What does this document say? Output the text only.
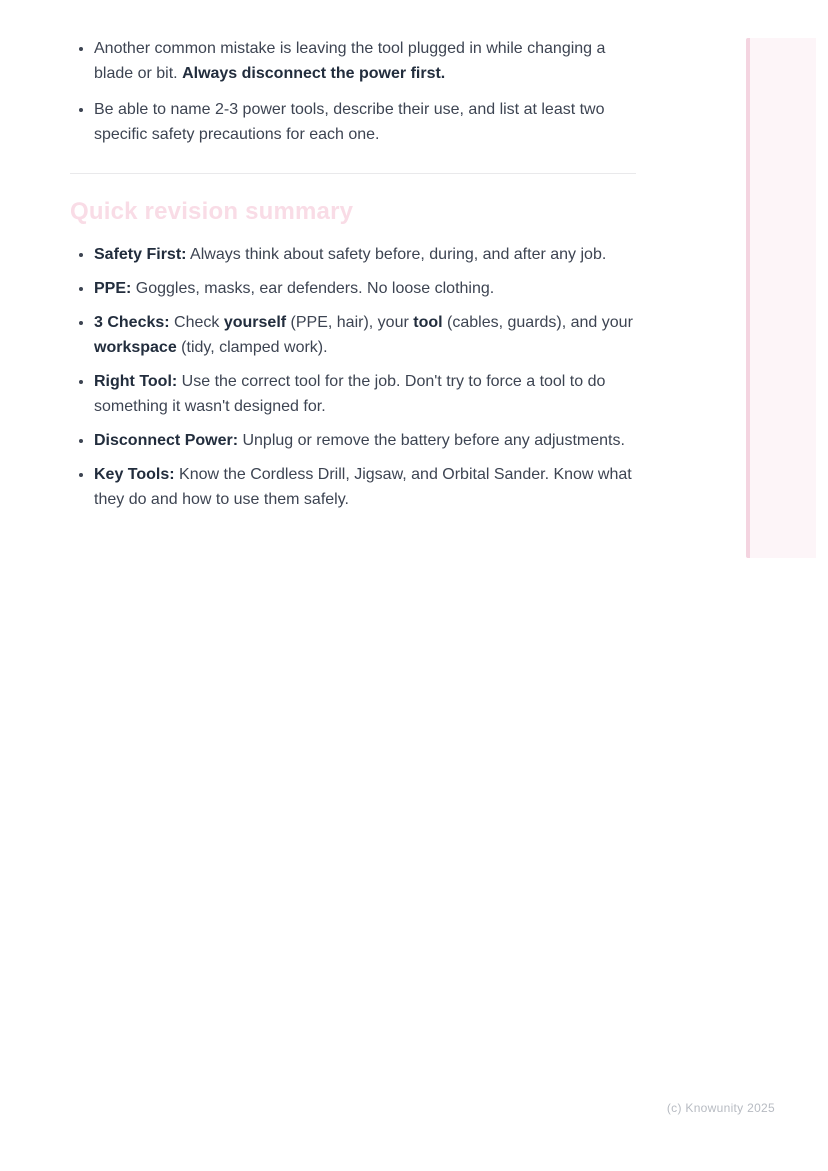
• Another common mistake is leaving the tool plugged in while changing a blade or bit. Always disconnect the power first.
• Be able to name 2-3 power tools, describe their use, and list at least two specific safety precautions for each one.
Quick revision summary
• Safety First: Always think about safety before, during, and after any job.
• PPE: Goggles, masks, ear defenders. No loose clothing.
• 3 Checks: Check yourself (PPE, hair), your tool (cables, guards), and your workspace (tidy, clamped work).
• Right Tool: Use the correct tool for the job. Don't try to force a tool to do something it wasn't designed for.
• Disconnect Power: Unplug or remove the battery before any adjustments.
• Key Tools: Know the Cordless Drill, Jigsaw, and Orbital Sander. Know what they do and how to use them safely.
(c) Knowunity 2025
